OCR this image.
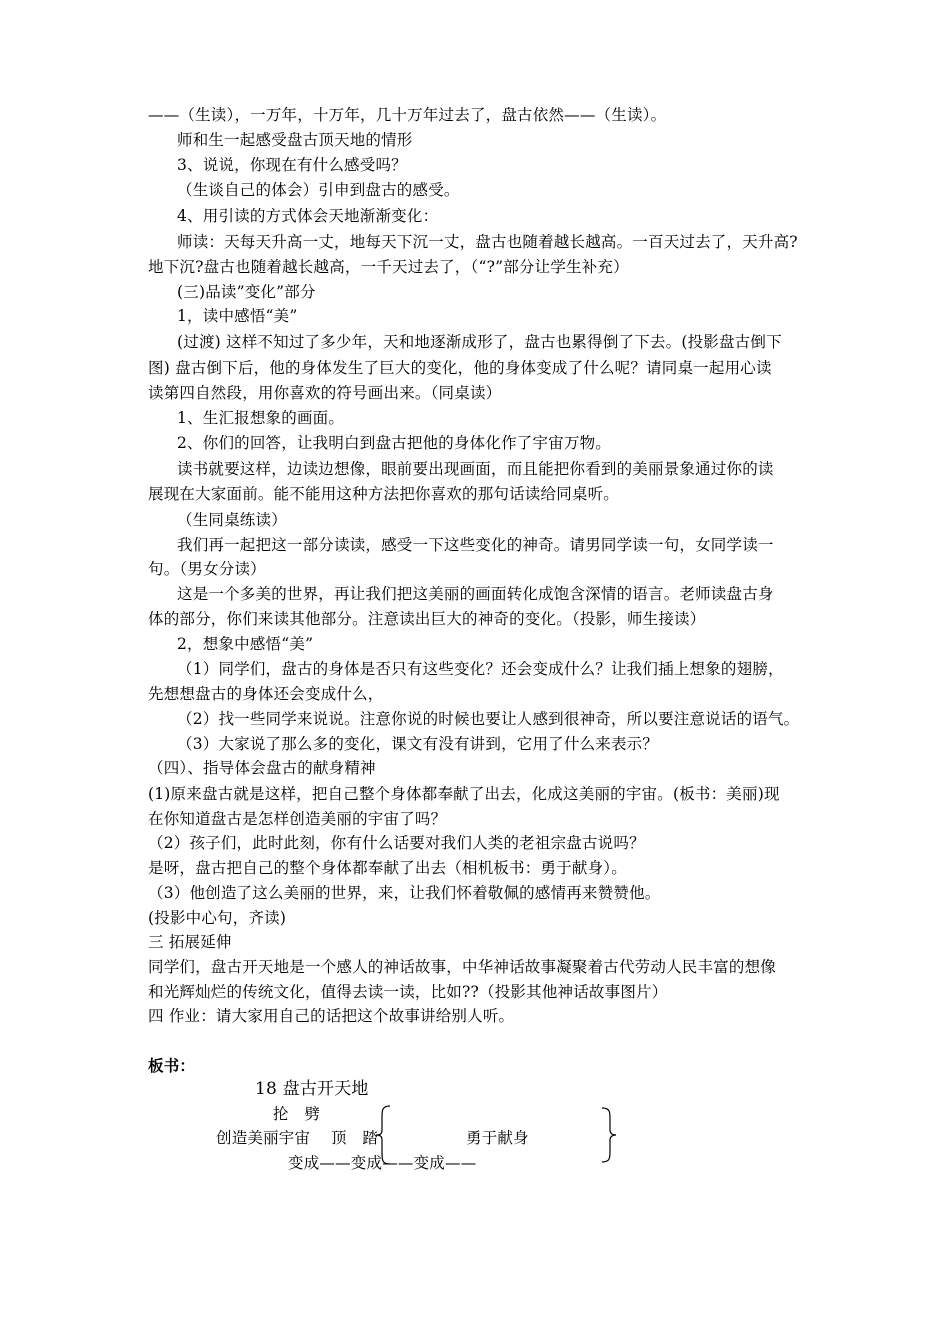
——（生读），一万年，十万年，几十万年过去了，盘古依然——（生读）。
师和生一起感受盘古顶天地的情形
3、说说，你现在有什么感受吗？
（生谈自己的体会）引申到盘古的感受。
4、用引读的方式体会天地渐渐变化：
师读：天每天升高一丈，地每天下沉一丈，盘古也随着越长越高。一百天过去了，天升高?
地下沉?盘古也随着越长越高，一千天过去了，（“?”部分让学生补充）
(三)品读”变化”部分
1，读中感悟“美”
(过渡) 这样不知过了多少年，天和地逐渐成形了，盘古也累得倒了下去。(投影盘古倒下
图) 盘古倒下后，他的身体发生了巨大的变化，他的身体变成了什么呢？请同桌一起用心读
读第四自然段，用你喜欢的符号画出来。（同桌读）
1、生汇报想象的画面。
2、你们的回答，让我明白到盘古把他的身体化作了宇宙万物。
读书就要这样，边读边想像，眼前要出现画面，而且能把你看到的美丽景象通过你的读
展现在大家面前。能不能用这种方法把你喜欢的那句话读给同桌听。
（生同桌练读）
我们再一起把这一部分读读，感受一下这些变化的神奇。请男同学读一句，女同学读一
句。（男女分读）
这是一个多美的世界，再让我们把这美丽的画面转化成饱含深情的语言。老师读盘古身
体的部分，你们来读其他部分。注意读出巨大的神奇的变化。（投影，师生接读）
2，想象中感悟“美”
（1）同学们，盘古的身体是否只有这些变化？还会变成什么？让我们插上想象的翅膀，
先想想盘古的身体还会变成什么，
（2）找一些同学来说说。注意你说的时候也要让人感到很神奇，所以要注意说话的语气。
（3）大家说了那么多的变化，课文有没有讲到，它用了什么来表示？
（四）、指导体会盘古的献身精神
(1)原来盘古就是这样，把自己整个身体都奉献了出去，化成这美丽的宇宙。(板书：美丽)现
在你知道盘古是怎样创造美丽的宇宙了吗？
（2）孩子们，此时此刻，你有什么话要对我们人类的老祖宗盘古说吗？
是呀，盘古把自己的整个身体都奉献了出去（相机板书：勇于献身）。
（3）他创造了这么美丽的世界，来，让我们怀着敬佩的感情再来赞赞他。
(投影中心句，齐读)
三 拓展延伸
同学们，盘古开天地是一个感人的神话故事，中华神话故事凝聚着古代劳动人民丰富的想像
和光辉灿烂的传统文化，值得去读一读，比如??（投影其他神话故事图片）
四 作业：请大家用自己的话把这个故事讲给别人听。
板书：
18 盘古开天地
抡　劈
创造美丽宇宙　 顶　踏	勇于献身
变成——变成——变成——
